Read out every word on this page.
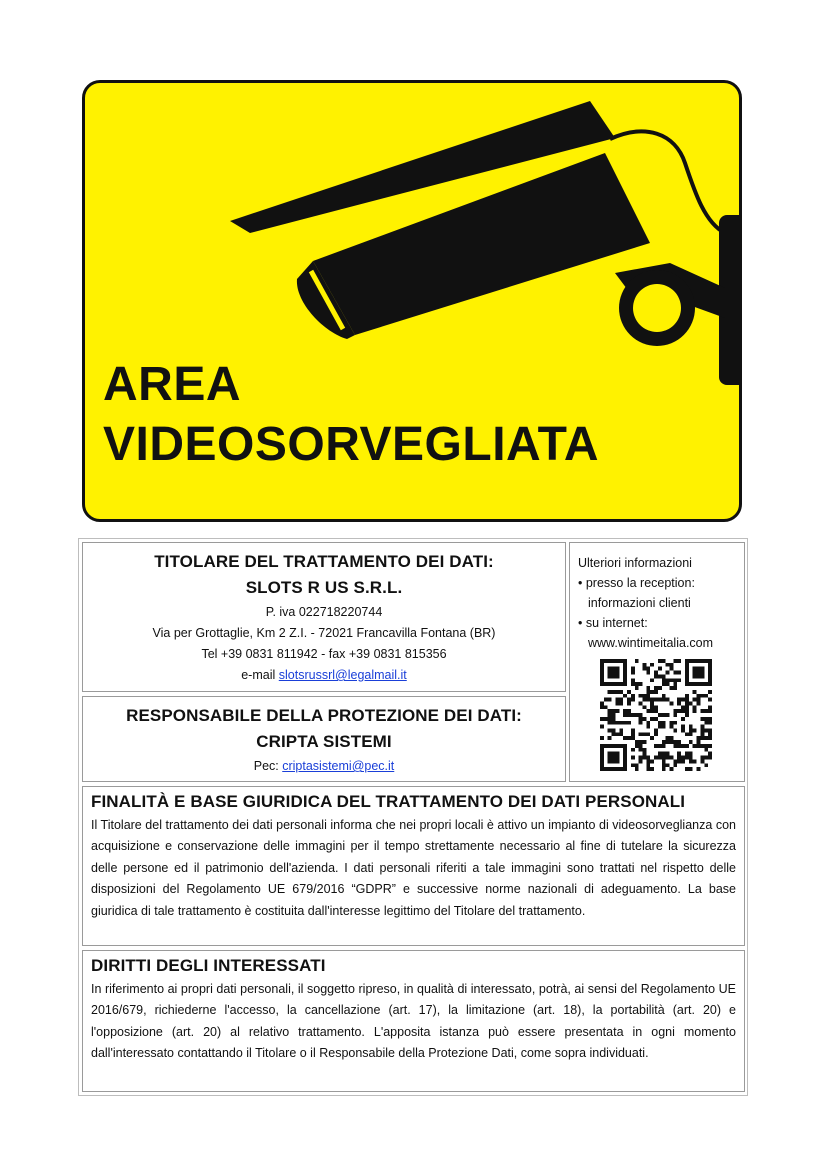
AREA
VIDEOSORVEGLIATA
TITOLARE DEL TRATTAMENTO DEI DATI:
SLOTS R US S.R.L.
P. iva 022718220744
Via per Grottaglie, Km 2 Z.I. - 72021 Francavilla Fontana (BR)
Tel +39 0831 811942 - fax +39 0831 815356
e-mail slotsrussrl@legalmail.it
RESPONSABILE DELLA PROTEZIONE DEI DATI:
CRIPTA SISTEMI
Pec: criptasistemi@pec.it
Ulteriori informazioni
• presso la reception:
informazioni clienti
• su internet:
www.wintimeitalia.com
FINALITÀ E BASE GIURIDICA DEL TRATTAMENTO DEI DATI PERSONALI
Il Titolare del trattamento dei dati personali informa che nei propri locali è attivo un impianto di videosorveglianza con acquisizione e conservazione delle immagini per il tempo strettamente necessario al fine di tutelare la sicurezza delle persone ed il patrimonio dell'azienda. I dati personali riferiti a tale immagini sono trattati nel rispetto delle disposizioni del Regolamento UE 679/2016 “GDPR” e successive norme nazionali di adeguamento. La base giuridica di tale trattamento è costituita dall'interesse legittimo del Titolare del trattamento.
DIRITTI DEGLI INTERESSATI
In riferimento ai propri dati personali, il soggetto ripreso, in qualità di interessato, potrà, ai sensi del Regolamento UE 2016/679, richiederne l'accesso, la cancellazione (art. 17), la limitazione (art. 18), la portabilità (art. 20) e l'opposizione (art. 20) al relativo trattamento. L'apposita istanza può essere presentata in ogni momento dall'interessato contattando il Titolare o il Responsabile della Protezione Dati, come sopra individuati.
